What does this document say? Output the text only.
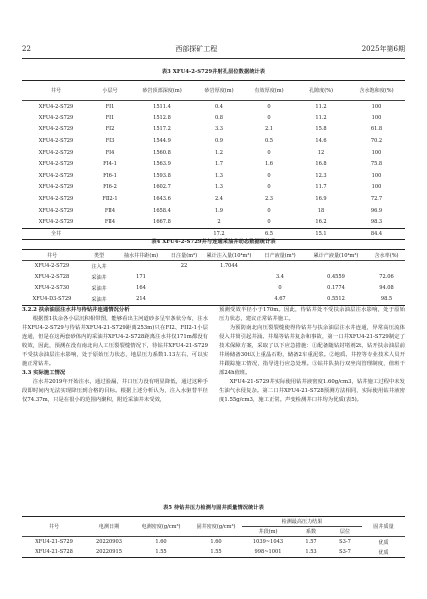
22	西部探矿工程	2025年第6期
表3 XFU4-2-S729井射孔层位数据统计表
井号	小层号	砂岩顶部深度(m)	砂岩厚度(m)	有效厚度(m)	孔隙度(%)	含水饱和度(%)
XFU4-2-S729	FⅠ1	1511.4	0.4	0	11.2	100
XFU4-2-S729	FⅠ1	1512.8	0.8	0	11.2	100
XFU4-2-S729	FⅠ2	1517.2	3.3	2.1	15.8	61.8
XFU4-2-S729	FⅠ3	1544.9	0.9	0.5	14.6	70.2
XFU4-2-S729	FⅠ4	1560.8	1.2	0	12	100
XFU4-2-S729	FⅠ4-1	1563.9	1.7	1.6	16.8	75.8
XFU4-2-S729	FⅠ6-1	1593.8	1.3	0	12.3	100
XFU4-2-S729	FⅠ6-2	1602.7	1.3	0	11.7	100
XFU4-2-S729	FⅡ2-1	1643.6	2.4	2.3	16.9	72.7
XFU4-2-S729	FⅡ4	1658.4	1.9	0	18	96.9
XFU4-2-S729	FⅡ4	1667.8	2	0	16.2	98.3
全井			17.2	6.5	15.1	84.4
表4 XFU4-2-S729井与连通采油井动态数据统计表
井号	类型	抽水井井距(m)	日注量(m³)	累计注入量(10⁴m³)	日产液量(m³)	累计产液量(10⁴m³)	含水率(%)
XFU4-2-S729	注入井		22	1.7044			
XFU4-2-S728	采油井	171			3.4	0.4559	72.06
XFU4-2-S730	采油井	164			0	0.1774	94.08
XFU4-D3-S729	采油井	214			4.67	0.5512	98.5

3.2.2 扶余油层注水井与待钻井连通情况分析

根据图1扶余各小层沉积相带图，能够看出主河道砂多呈窄条状分布，注水井XFU4-2-S729与待钻井XFU4-21-S729距离253m)只在FI2、FII2-1小层连通，但是在这两套砂体内的采油井XFU4-2-S728距离注水井仅171m都没有收效，因此，预测在没有南北向人工压裂裂缝情况下，待钻井XFU4-21-S729不受扶余油层注水影响，处于原始压力状态，地层压力系数1.13左右，可以实施正常钻井。

3.3 实际施工情况

注水井2019年开始注水，通过验漏，井口压力没有明显降低，通过这种手段即时间内无法实现降压到合格的目标。根据上述分析认为，注入水驱替半径仅74.37m，只是在很小的范围内聚积，附近采油井未受效，

预测受效半径小于170m。因此，待钻井处不受扶余油层注水影响，处于原始压力状态，建议正常钻井施工。

为预防南北向压裂裂缝使得待钻井与扶余油层注水井连通，异常高压流体侵入井筒引起井涌、井塌等钻井复杂和事故，第一口井XFU4-21-S729制定了技术保障方案，采取了以下应急措施：①配备随钻封堵剂2t，钻开扶余油层前井场储备30t以上重晶石粉，储备2车重泥浆。②地质、井控等专业技术人员开井跟踪施工情况，指导进行应急处理。③钻井队执行双坐岗管理制度，值班干部24h值班。

XFU4-21-S729井实际使用钻井液密度1.60g/cm3，钻井施工过程中未发生油气水侵复杂。第二口井XFU4-21-S728预测方法相同，实际使用钻井液密度1.55g/cm3，施工正常。声变检测井口井均为优质(表5)。

表5 待钻井压力检测与固井质量情况统计表
井号	电测日期	电测密度(g/cm³)	固井密度(g/cm³)	检测最高压力结果			固井质量
				井段(m)	系数	层位	
XFU4-21-S729	20220903	1.60	1.60	1039~1043	1.57	S3-7	优质
XFU4-21-S728	20220915	1.55	1.55	998~1001	1.53	S3-7	优质
